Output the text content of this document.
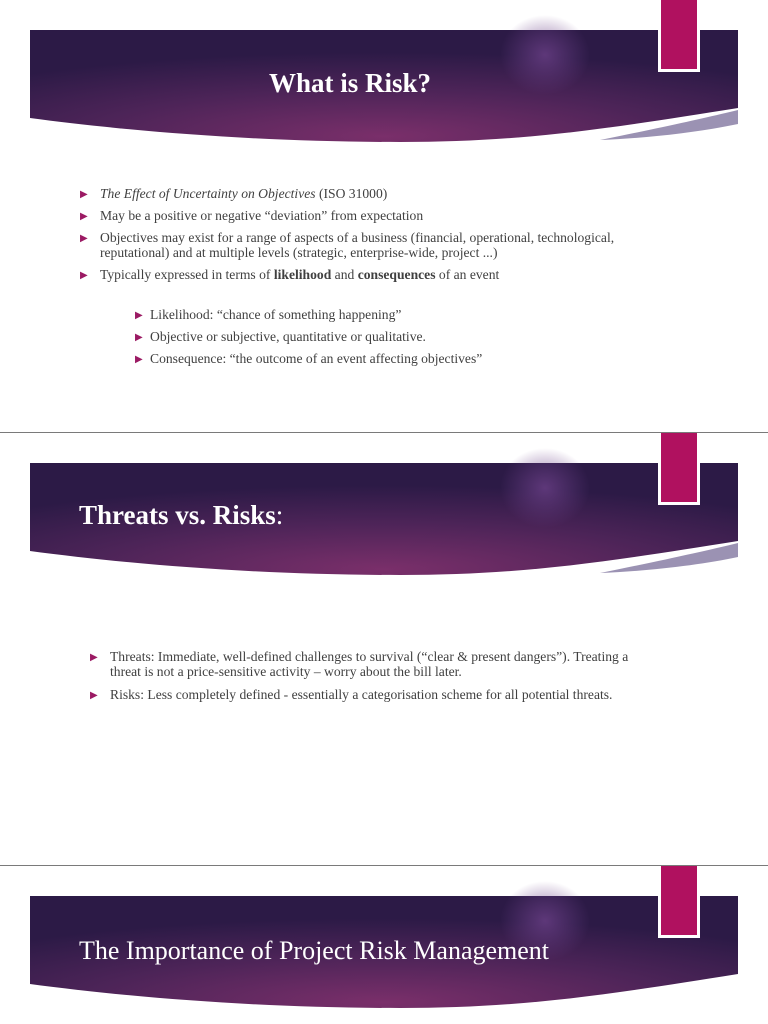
What is Risk?
▶ The Effect of Uncertainty on Objectives (ISO 31000)
▶ May be a positive or negative “deviation” from expectation
▶ Objectives may exist for a range of aspects of a business (financial, operational, technological, reputational) and at multiple levels (strategic, enterprise-wide, project ...)
▶ Typically expressed in terms of likelihood and consequences of an event
▶ Likelihood: “chance of something happening”
▶ Objective or subjective, quantitative or qualitative.
▶ Consequence: “the outcome of an event affecting objectives”
Threats vs. Risks:
▶ Threats: Immediate, well-defined challenges to survival (“clear & present dangers”). Treating a threat is not a price-sensitive activity – worry about the bill later.
▶ Risks: Less completely defined - essentially a categorisation scheme for all potential threats.
The Importance of Project Risk Management
